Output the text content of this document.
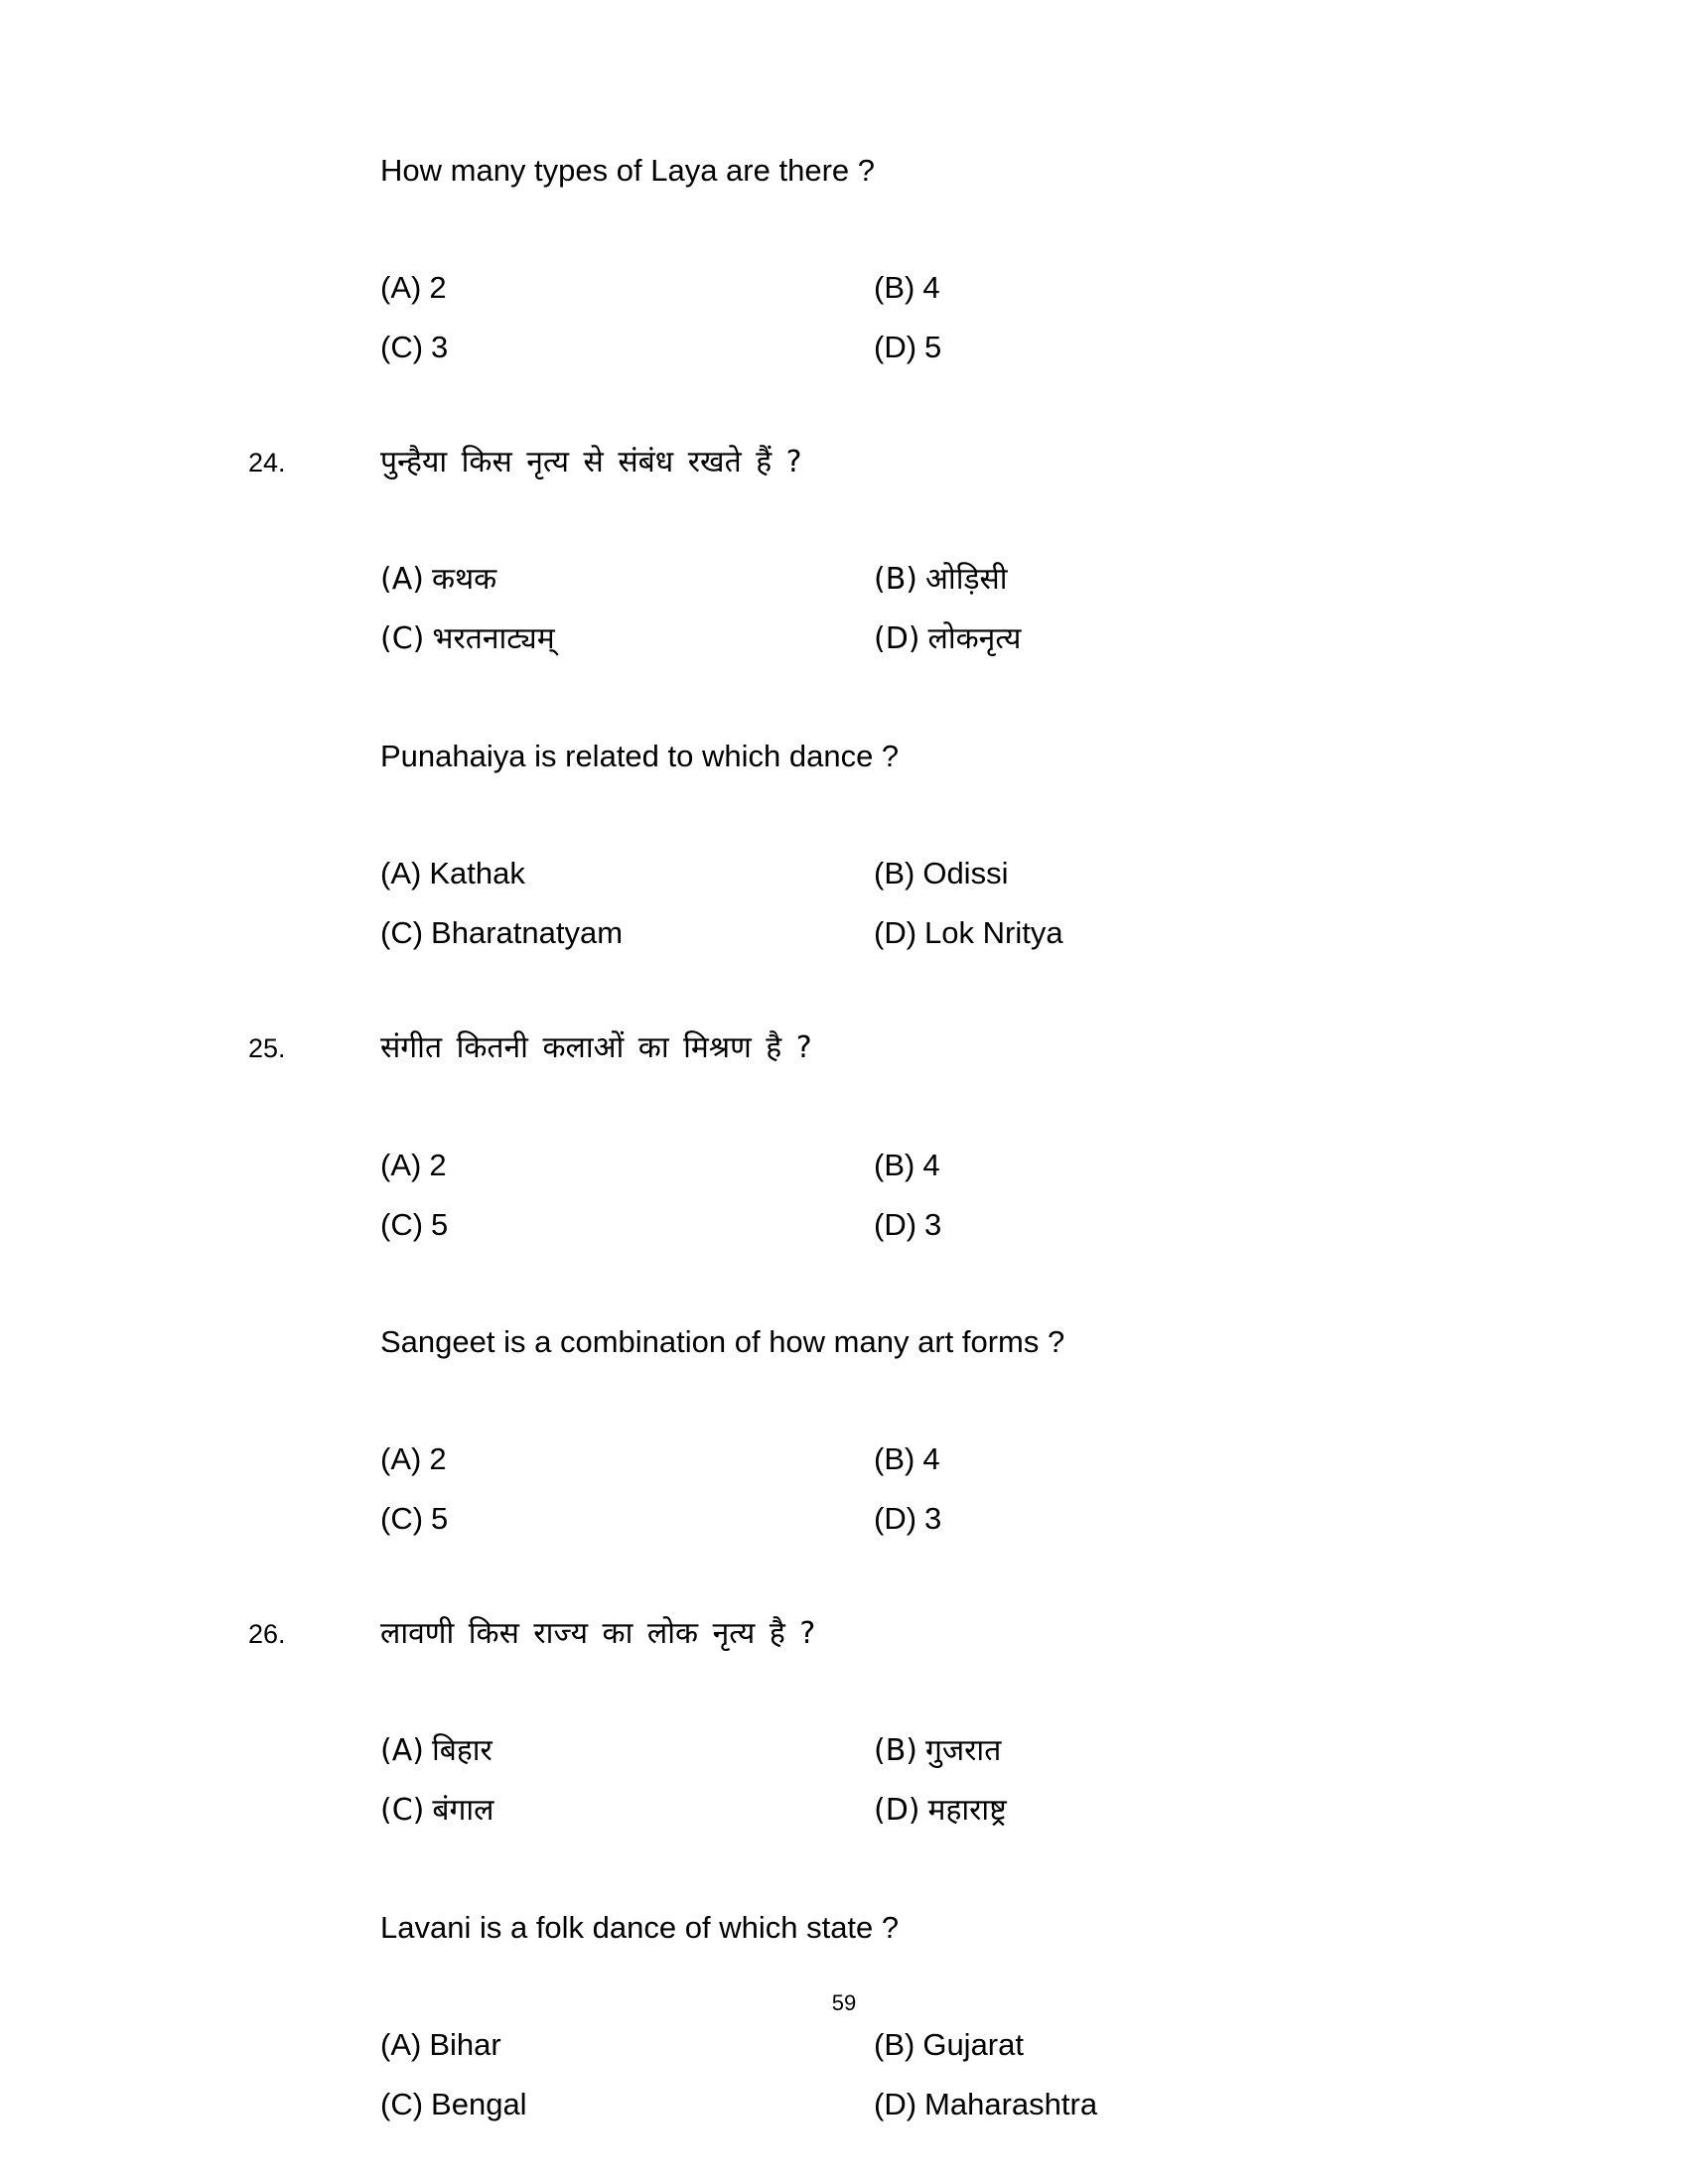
How many types of Laya are there ?
(A) 2	(B) 4
(C) 3	(D) 5
24.	पुन्हैया किस नृत्य से संबंध रखते हैं ?
(A) कथक	(B) ओड़िसी
(C) भरतनाट्यम्	(D) लोकनृत्य
Punahaiya is related to which dance ?
(A) Kathak	(B) Odissi
(C) Bharatnatyam	(D) Lok Nritya
25.	संगीत कितनी कलाओं का मिश्रण है ?
(A) 2	(B) 4
(C) 5	(D) 3
Sangeet is a combination of how many art forms ?
(A) 2	(B) 4
(C) 5	(D) 3
26.	लावणी किस राज्य का लोक नृत्य है ?
(A) बिहार	(B) गुजरात
(C) बंगाल	(D) महाराष्ट्र
Lavani is a folk dance of which state ?
(A) Bihar	(B) Gujarat
(C) Bengal	(D) Maharashtra
59
